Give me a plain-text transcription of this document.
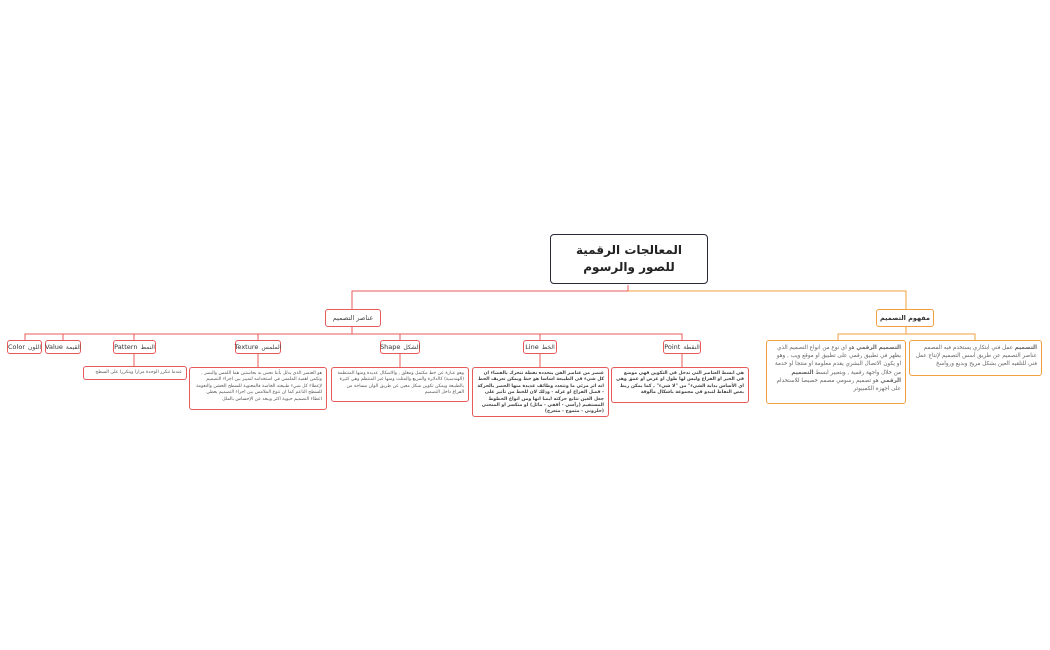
المعالجات الرقمية للصور والرسوم
عناصر التصميم	مفهوم التصميم
Point النقطة
Line الخط
Shape الشكل
Texture الملمس
Pattern النمط
Value القيمة
Color اللون
هي ابسط العناصر التي تدخل في التكوين فهي موضع في الحيز او الفراغ وليس لها طول او عرض او عمق وهي اي الأساس بداية الشيء" من "لا شيء" , كما يمكن ربط بعض النقاط لتبدو في مجموعة باشكال مألوفة
عنصر من عناصر الفن ينحدده نقطة تتحرك بالفضاء ان كل شيء في الطبيعة اساسا هو خط ويمكن تعريف الخط انه اثر مرئي ما وتتعدد وظائف عديدة منها الحصر بالحركة - فصل الفراغ او عزله - وذلك لان للخط من تأثير على جعل العين تتابع حركته ايضا انها ومن انواع الخطوط المستقيم (رأسي - أفقي - مائل) او منكسر او المنحني (حلزوني - متموج - متعرج)
وهو عبارة عن خط مكتمل ومغلق , والاشكال عديدة ومنها المنتظمة (الهندسية) كالدائرة والمربع والمثلث ومنها غير المنتظم وهي كثيرة بالطبيعة ويمكن تكوين شكل معين عن طريق الوان مساحة من الفراغ داخل التصميم
هو العنصر الذي يدلل بأننا نحس به بحاستين هما اللمس والبصر , وتكمن اهمية الملمس في استخدامه لتمييز بين اجزاء التصميم لإعطاء كل شيء طبيعته الخاصة فالمعنوية للسطح الخشن والنعومة للسطح الناعم كما ان تنوع الملامس بين اجزاء التصميم يعطي اعطاء التصميم حيوية اكثر ويبعد عن الإحساس بالملل
عندما تتكرر الوحدة مرارا ويتكررا على السطح
التصميم الرقمي هو اي نوع من انواع التصميم الذي يظهر في تطبيق رقمي على تطبيق او موقع ويب , وهو او يكون الاتصال البشري يقدم معلومة او منتجا او خدمة من خلال واجهة رقمية , وبتعبير ابسط التصميم الرقمي هو تصميم رسومي مصمم خصيصا للاستخدام على اجهزة الكمبيوتر
التصميم عمل فني ابتكاري يستخدم فيه المصمم عناصر التصميم عن طريق أسس التصميم لإنتاج عمل فني للتلقيه العين بشكل مريح وبديع ورواسخ
